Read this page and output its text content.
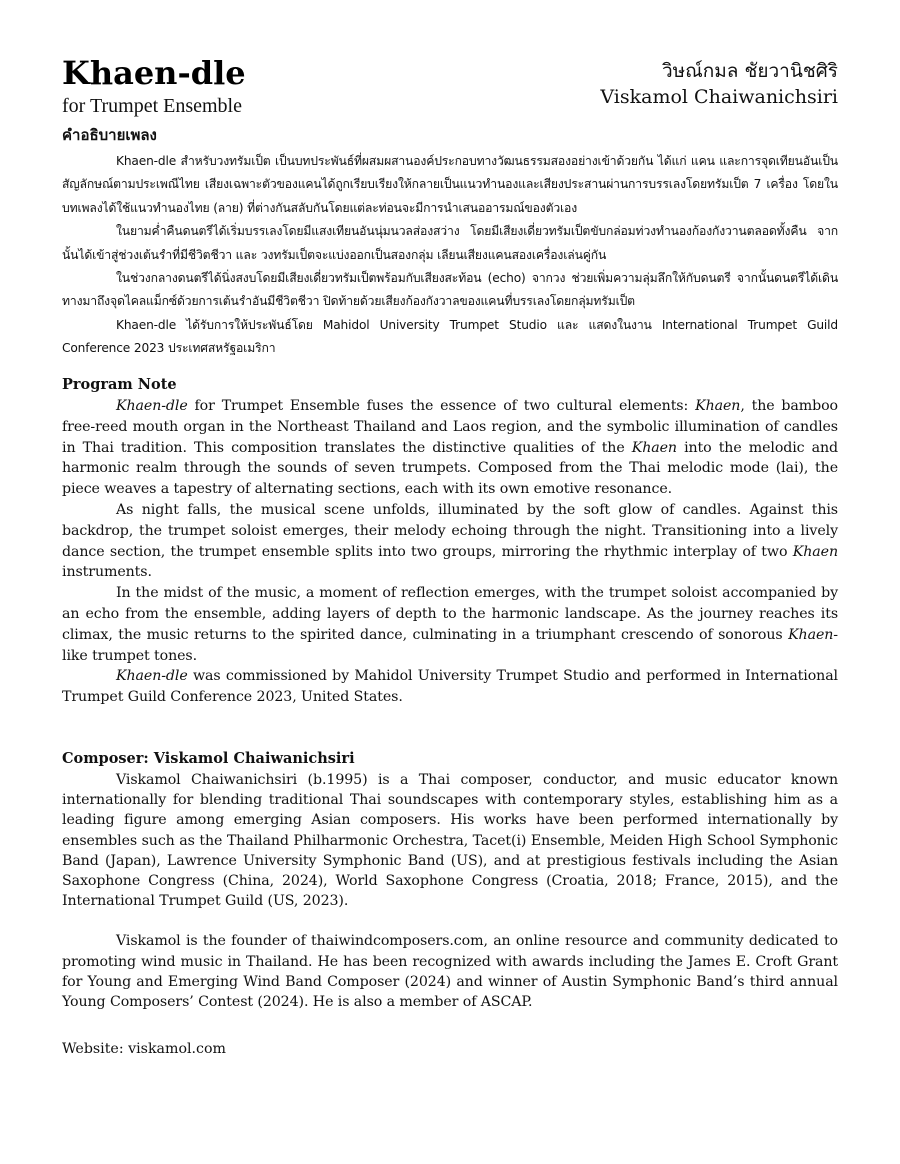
Khaen-dle
for Trumpet Ensemble
วิษณ์กมล ชัยวานิชศิริ
Viskamol Chaiwanichsiri
คำอธิบายเพลง

Khaen-dle สำหรับวงทรัมเป็ต เป็นบทประพันธ์ที่ผสมผสานองค์ประกอบทางวัฒนธรรมสองอย่างเข้าด้วยกัน ได้แก่ แคน และการจุดเทียนอันเป็นสัญลักษณ์ตามประเพณีไทย เสียงเฉพาะตัวของแคนได้ถูกเรียบเรียงให้กลายเป็นแนวทำนองและเสียงประสานผ่านการบรรเลงโดยทรัมเป็ต 7 เครื่อง โดยในบทเพลงได้ใช้แนวทำนองไทย (ลาย) ที่ต่างกันสลับกันโดยแต่ละท่อนจะมีการนำเสนออารมณ์ของตัวเอง

ในยามค่ำคืนดนตรีได้เริ่มบรรเลงโดยมีแสงเทียนอันนุ่มนวลส่องสว่าง โดยมีเสียงเดี่ยวทรัมเป็ตขับกล่อมท่วงทำนองก้องกังวานตลอดทั้งคืน จากนั้นได้เข้าสู่ช่วงเต้นรำที่มีชีวิตชีวา และ วงทรัมเป็ตจะแบ่งออกเป็นสองกลุ่ม เลียนเสียงแคนสองเครื่องเล่นคู่กัน

ในช่วงกลางดนตรีได้นิ่งสงบโดยมีเสียงเดี่ยวทรัมเป็ตพร้อมกับเสียงสะท้อน (echo) จากวง ช่วยเพิ่มความลุ่มลึกให้กับดนตรี จากนั้นดนตรีได้เดินทางมาถึงจุดไคลแม็กซ์ด้วยการเต้นรำอันมีชีวิตชีวา ปิดท้ายด้วยเสียงก้องกังวาลของแคนที่บรรเลงโดยกลุ่มทรัมเป็ต

Khaen-dle ได้รับการให้ประพันธ์โดย Mahidol University Trumpet Studio และ แสดงในงาน International Trumpet Guild Conference 2023 ประเทศสหรัฐอเมริกา

Program Note

Khaen-dle for Trumpet Ensemble fuses the essence of two cultural elements: Khaen, the bamboo free-reed mouth organ in the Northeast Thailand and Laos region, and the symbolic illumination of candles in Thai tradition. This composition translates the distinctive qualities of the Khaen into the melodic and harmonic realm through the sounds of seven trumpets. Composed from the Thai melodic mode (lai), the piece weaves a tapestry of alternating sections, each with its own emotive resonance.

As night falls, the musical scene unfolds, illuminated by the soft glow of candles. Against this backdrop, the trumpet soloist emerges, their melody echoing through the night. Transitioning into a lively dance section, the trumpet ensemble splits into two groups, mirroring the rhythmic interplay of two Khaen instruments.

In the midst of the music, a moment of reflection emerges, with the trumpet soloist accompanied by an echo from the ensemble, adding layers of depth to the harmonic landscape. As the journey reaches its climax, the music returns to the spirited dance, culminating in a triumphant crescendo of sonorous Khaen-like trumpet tones.

Khaen-dle was commissioned by Mahidol University Trumpet Studio and performed in International Trumpet Guild Conference 2023, United States.

Composer: Viskamol Chaiwanichsiri

Viskamol Chaiwanichsiri (b.1995) is a Thai composer, conductor, and music educator known internationally for blending traditional Thai soundscapes with contemporary styles, establishing him as a leading figure among emerging Asian composers. His works have been performed internationally by ensembles such as the Thailand Philharmonic Orchestra, Tacet(i) Ensemble, Meiden High School Symphonic Band (Japan), Lawrence University Symphonic Band (US), and at prestigious festivals including the Asian Saxophone Congress (China, 2024), World Saxophone Congress (Croatia, 2018; France, 2015), and the International Trumpet Guild (US, 2023).

Viskamol is the founder of thaiwindcomposers.com, an online resource and community dedicated to promoting wind music in Thailand. He has been recognized with awards including the James E. Croft Grant for Young and Emerging Wind Band Composer (2024) and winner of Austin Symphonic Band’s third annual Young Composers’ Contest (2024). He is also a member of ASCAP.

Website: viskamol.com
